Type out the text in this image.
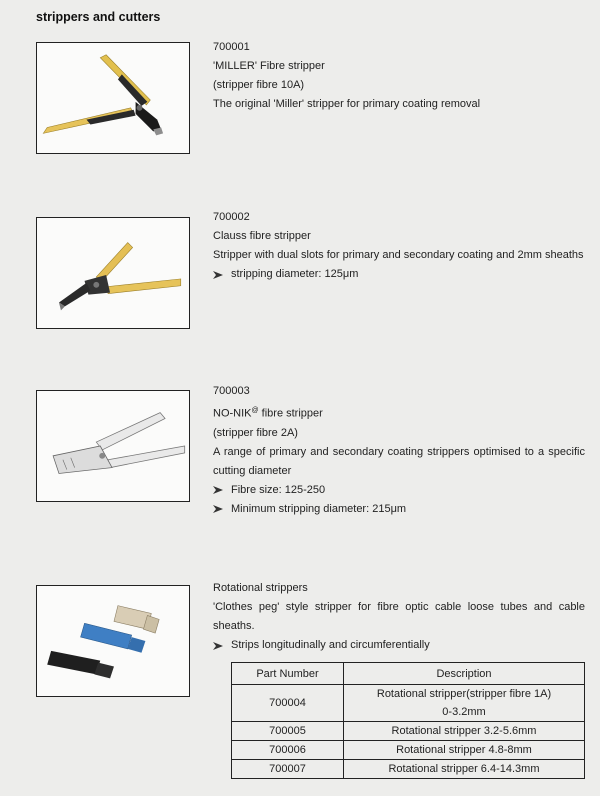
strippers and cutters

700001

'MILLER' Fibre stripper

(stripper fibre 10A)

The original 'Miller' stripper for primary coating removal

700002

Clauss fibre stripper

Stripper with dual slots for primary and secondary coating and 2mm sheaths

stripping diameter: 125μm

700003

NO-NIK@ fibre stripper

(stripper fibre 2A)

A range of primary and secondary coating strippers optimised to a specific cutting diameter

Fibre size: 125-250

Minimum stripping diameter: 215μm

Rotational strippers

'Clothes peg' style stripper for fibre optic cable loose tubes and cable sheaths.

Strips longitudinally and circumferentially

Part Number	Description
700004	Rotational stripper(stripper fibre 1A)
0-3.2mm

700005	Rotational stripper 3.2-5.6mm
700006	Rotational stripper 4.8-8mm
700007	Rotational stripper 6.4-14.3mm
